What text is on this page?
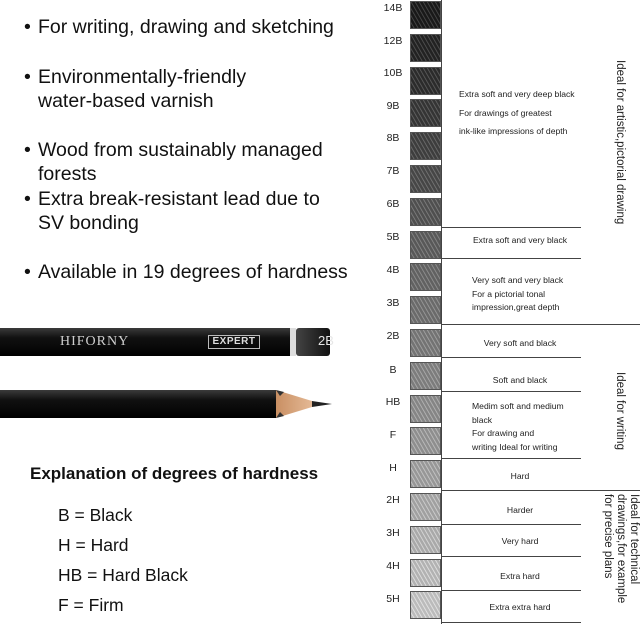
• For writing, drawing and sketching
• Environmentally-friendly
water-based varnish
• Wood from sustainably managed forests
• Extra break-resistant lead due to
SV bonding
• Available in 19 degrees of hardness
HIFORNY	EXPERT	2B
Explanation of degrees of hardness
B = Black
H = Hard
HB = Hard Black
F = Firm
14B
12B
10B
9B
8B
7B
6B
5B
4B
3B
2B
B
HB
F
H
2H
3H
4H
5H
Extra soft and very deep black
For drawings of greatest
ink-like impressions of depth
Extra soft and very black
Very soft and very black
For a pictorial tonal
impression,great depth
Very soft and black
Soft and black
Medim soft and medium
black
For drawing and
writing Ideal for writing
Hard
Harder
Very hard
Extra hard
Extra extra hard
Ideal for artistic,pictorial drawing
Ideal for writing
Ideal for technical
drawings,for example
for precise plans
